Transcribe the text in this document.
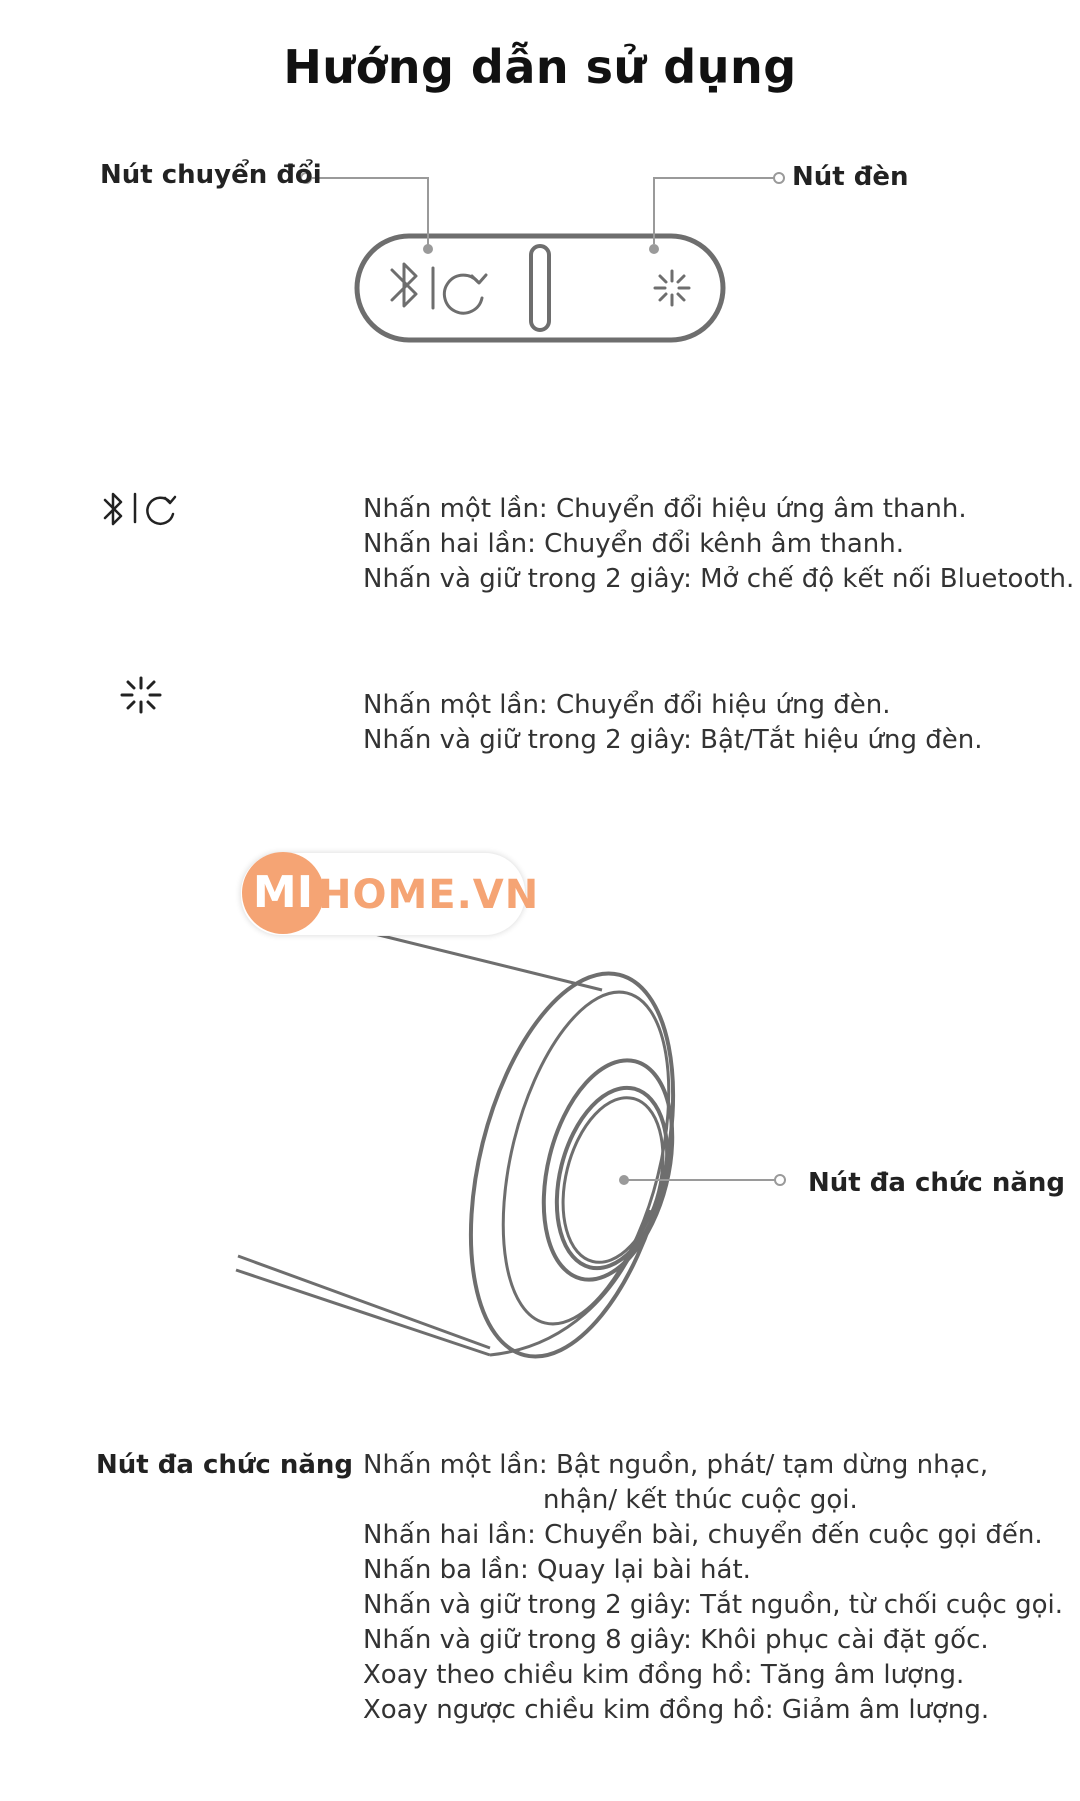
Hướng dẫn sử dụng
Nút chuyển đổi	Nút đèn
Nút đa chức năng
Nhấn một lần: Chuyển đổi hiệu ứng âm thanh.
Nhấn hai lần: Chuyển đổi kênh âm thanh.
Nhấn và giữ trong 2 giây: Mở chế độ kết nối Bluetooth.
Nhấn một lần: Chuyển đổi hiệu ứng đèn.
Nhấn và giữ trong 2 giây: Bật/Tắt hiệu ứng đèn.
MI HOME.VN
Nút đa chức năng Nhấn một lần: Bật nguồn, phát/ tạm dừng nhạc,
nhận/ kết thúc cuộc gọi.
Nhấn hai lần: Chuyển bài, chuyển đến cuộc gọi đến.
Nhấn ba lần: Quay lại bài hát.
Nhấn và giữ trong 2 giây: Tắt nguồn, từ chối cuộc gọi.
Nhấn và giữ trong 8 giây: Khôi phục cài đặt gốc.
Xoay theo chiều kim đồng hồ: Tăng âm lượng.
Xoay ngược chiều kim đồng hồ: Giảm âm lượng.
